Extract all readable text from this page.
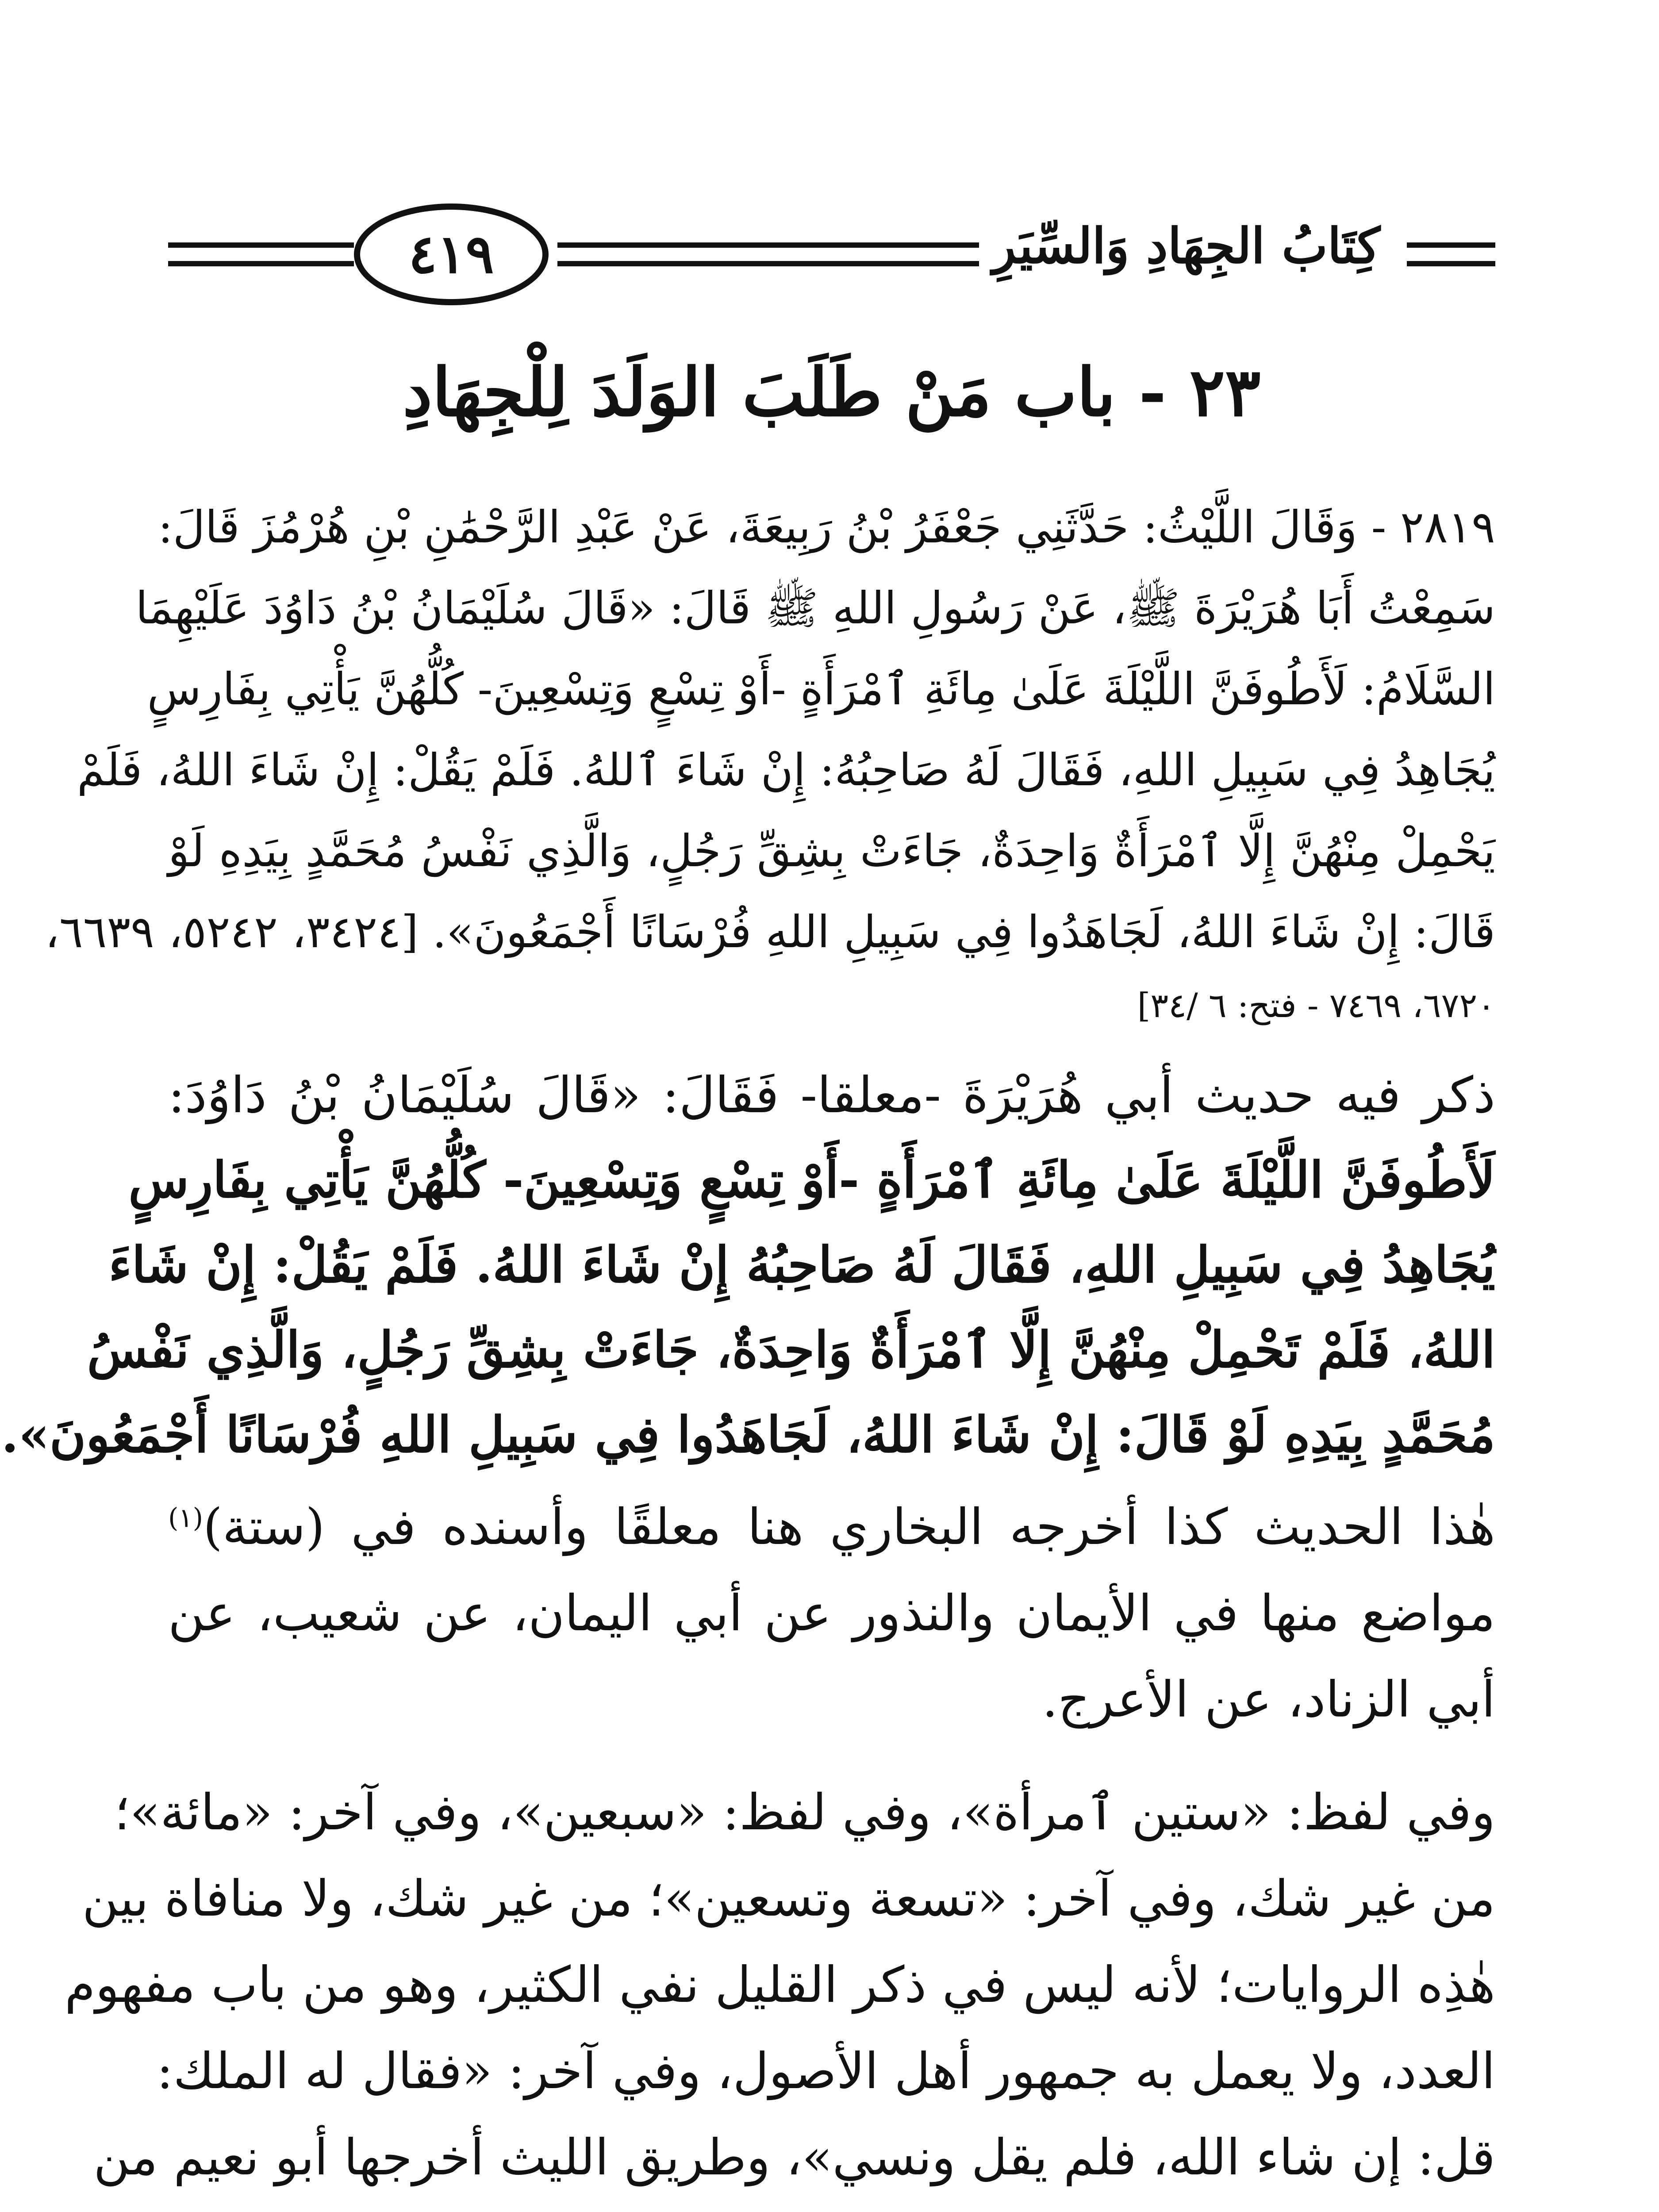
٤١٩	كِتَابُ الجِهَادِ وَالسِّيَرِ
٢٣ - باب مَنْ طَلَبَ الوَلَدَ لِلْجِهَادِ
٢٨١٩ - وَقَالَ اللَّيْثُ: حَدَّثَنِي جَعْفَرُ بْنُ رَبِيعَةَ، عَنْ عَبْدِ الرَّحْمَٰنِ بْنِ هُرْمُزَ قَالَ:
سَمِعْتُ أَبَا هُرَيْرَةَ ﷺ، عَنْ رَسُولِ اللهِ ﷺ قَالَ: «قَالَ سُلَيْمَانُ بْنُ دَاوُدَ عَلَيْهِمَا
السَّلَامُ: لَأَطُوفَنَّ اللَّيْلَةَ عَلَىٰ مِائَةِ ٱمْرَأَةٍ -أَوْ تِسْعٍ وَتِسْعِينَ- كُلُّهُنَّ يَأْتِي بِفَارِسٍ
يُجَاهِدُ فِي سَبِيلِ اللهِ، فَقَالَ لَهُ صَاحِبُهُ: إِنْ شَاءَ ٱللهُ. فَلَمْ يَقُلْ: إِنْ شَاءَ اللهُ، فَلَمْ
يَحْمِلْ مِنْهُنَّ إِلَّا ٱمْرَأَةٌ وَاحِدَةٌ، جَاءَتْ بِشِقِّ رَجُلٍ، وَالَّذِي نَفْسُ مُحَمَّدٍ بِيَدِهِ لَوْ
قَالَ: إِنْ شَاءَ اللهُ، لَجَاهَدُوا فِي سَبِيلِ اللهِ فُرْسَانًا أَجْمَعُونَ». [٣٤٢٤، ٥٢٤٢، ٦٦٣٩،
٦٧٢٠، ٧٤٦٩ - فتح: ٦ /٣٤]
ذكر فيه حديث أبي هُرَيْرَةَ -معلقا- فَقَالَ: «قَالَ سُلَيْمَانُ بْنُ دَاوُدَ:
لَأَطُوفَنَّ اللَّيْلَةَ عَلَىٰ مِائَةِ ٱمْرَأَةٍ -أَوْ تِسْعٍ وَتِسْعِينَ- كُلُّهُنَّ يَأْتِي بِفَارِسٍ
يُجَاهِدُ فِي سَبِيلِ اللهِ، فَقَالَ لَهُ صَاحِبُهُ إِنْ شَاءَ اللهُ. فَلَمْ يَقُلْ: إِنْ شَاءَ
اللهُ، فَلَمْ تَحْمِلْ مِنْهُنَّ إِلَّا ٱمْرَأَةٌ وَاحِدَةٌ، جَاءَتْ بِشِقِّ رَجُلٍ، وَالَّذِي نَفْسُ
مُحَمَّدٍ بِيَدِهِ لَوْ قَالَ: إِنْ شَاءَ اللهُ، لَجَاهَدُوا فِي سَبِيلِ اللهِ فُرْسَانًا أَجْمَعُونَ».
هٰذا الحديث كذا أخرجه البخاري هنا معلقًا وأسنده في (ستة)$^{(١)}$
مواضع منها في الأيمان والنذور عن أبي اليمان، عن شعيب، عن
أبي الزناد، عن الأعرج.
وفي لفظ: «ستين ٱمرأة»، وفي لفظ: «سبعين»، وفي آخر: «مائة»؛
من غير شك، وفي آخر: «تسعة وتسعين»؛ من غير شك، ولا منافاة بين
هٰذِه الروايات؛ لأنه ليس في ذكر القليل نفي الكثير، وهو من باب مفهوم
العدد، ولا يعمل به جمهور أهل الأصول، وفي آخر: «فقال له الملك:
قل: إن شاء الله، فلم يقل ونسي»، وطريق الليث أخرجها أبو نعيم من
